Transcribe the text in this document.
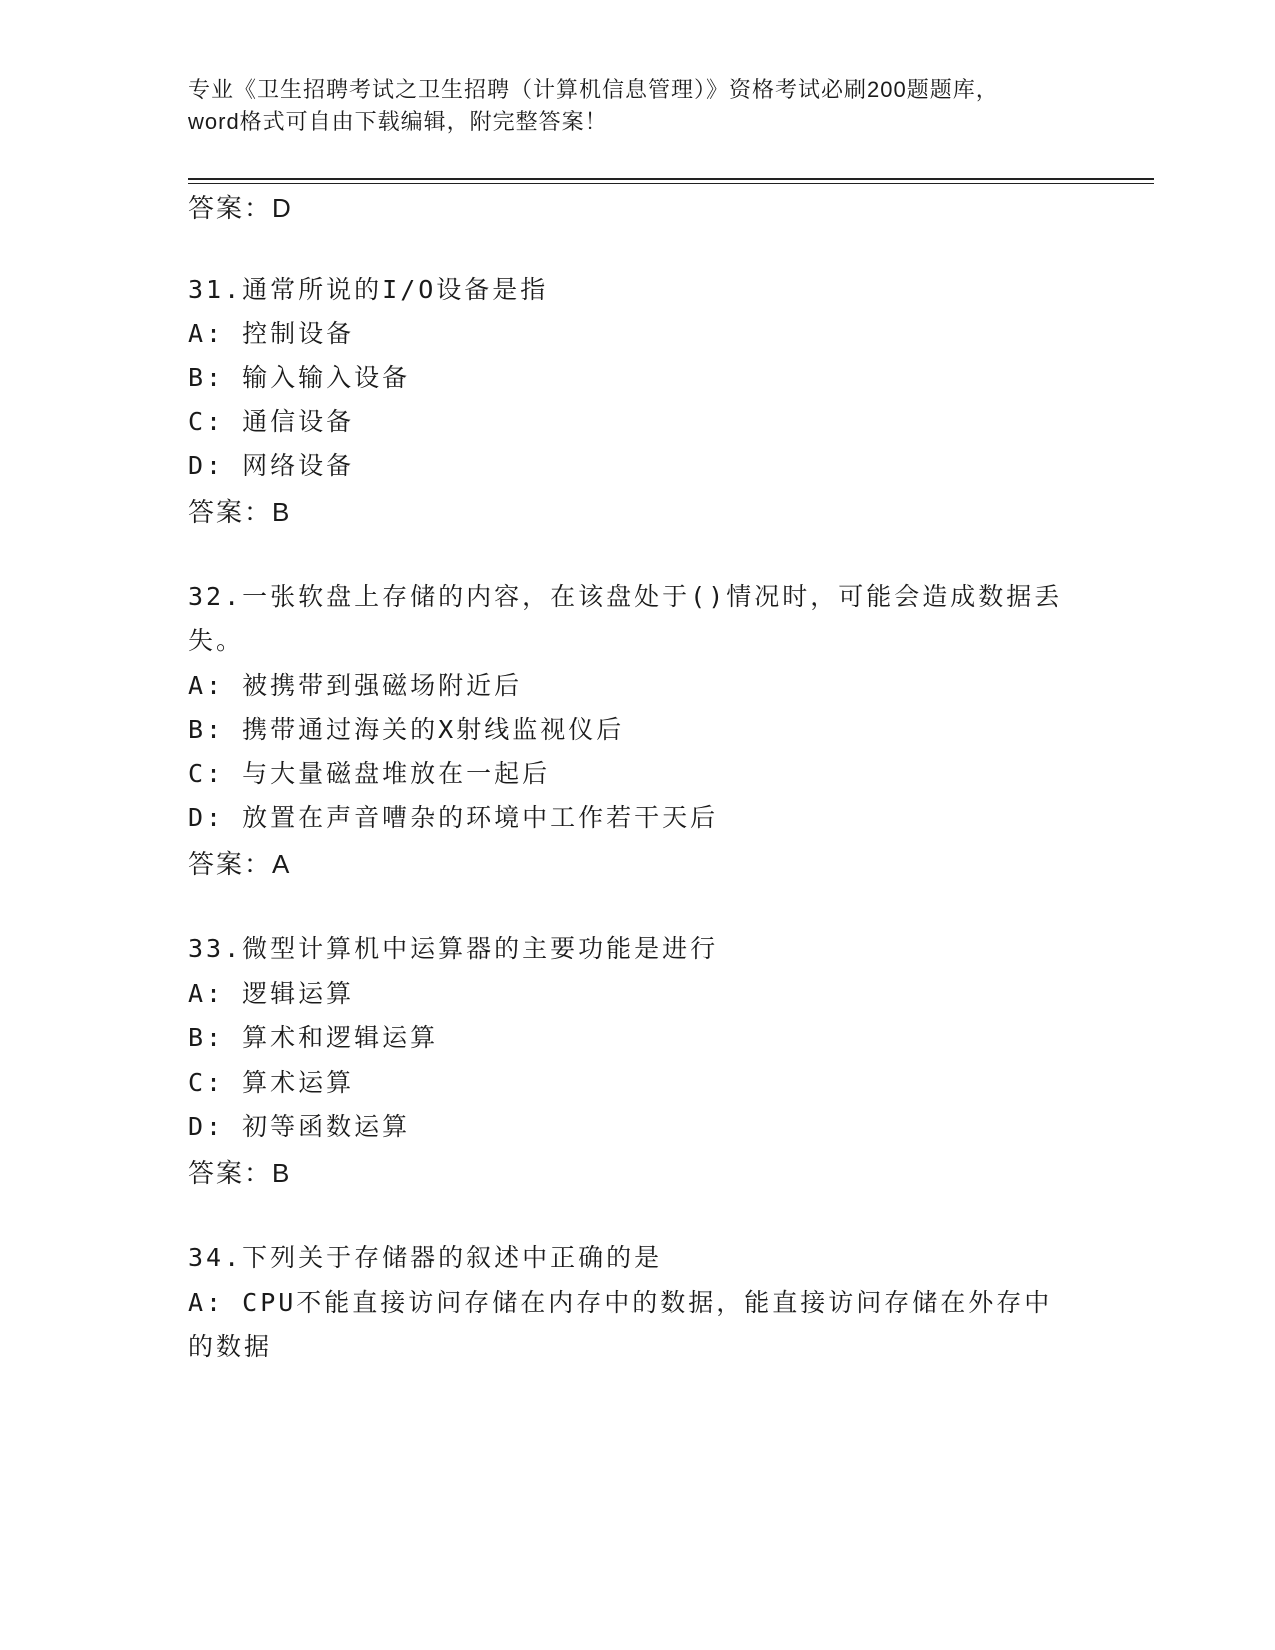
专业《卫生招聘考试之卫生招聘（计算机信息管理）》资格考试必刷200题题库，
word格式可自由下载编辑，附完整答案！
答案：D
31.通常所说的I/O设备是指
A: 控制设备
B: 输入输入设备
C: 通信设备
D: 网络设备
答案：B
32.一张软盘上存储的内容，在该盘处于()情况时，可能会造成数据丢
失。
A: 被携带到强磁场附近后
B: 携带通过海关的X射线监视仪后
C: 与大量磁盘堆放在一起后
D: 放置在声音嘈杂的环境中工作若干天后
答案：A
33.微型计算机中运算器的主要功能是进行
A: 逻辑运算
B: 算术和逻辑运算
C: 算术运算
D: 初等函数运算
答案：B
34.下列关于存储器的叙述中正确的是
A: CPU不能直接访问存储在内存中的数据，能直接访问存储在外存中
的数据
